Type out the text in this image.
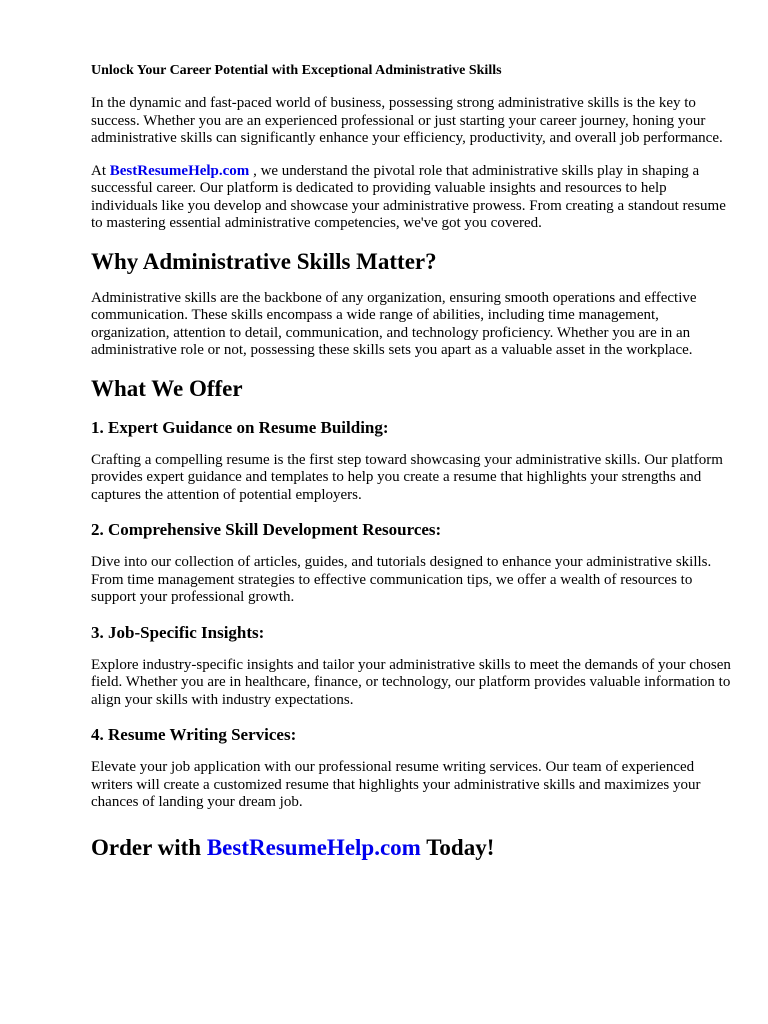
Unlock Your Career Potential with Exceptional Administrative Skills

In the dynamic and fast-paced world of business, possessing strong administrative skills is the key to success. Whether you are an experienced professional or just starting your career journey, honing your administrative skills can significantly enhance your efficiency, productivity, and overall job performance.

At BestResumeHelp.com , we understand the pivotal role that administrative skills play in shaping a successful career. Our platform is dedicated to providing valuable insights and resources to help individuals like you develop and showcase your administrative prowess. From creating a standout resume to mastering essential administrative competencies, we've got you covered.

Why Administrative Skills Matter?

Administrative skills are the backbone of any organization, ensuring smooth operations and effective communication. These skills encompass a wide range of abilities, including time management, organization, attention to detail, communication, and technology proficiency. Whether you are in an administrative role or not, possessing these skills sets you apart as a valuable asset in the workplace.

What We Offer
1. Expert Guidance on Resume Building:

Crafting a compelling resume is the first step toward showcasing your administrative skills. Our platform provides expert guidance and templates to help you create a resume that highlights your strengths and captures the attention of potential employers.

2. Comprehensive Skill Development Resources:

Dive into our collection of articles, guides, and tutorials designed to enhance your administrative skills. From time management strategies to effective communication tips, we offer a wealth of resources to support your professional growth.

3. Job-Specific Insights:

Explore industry-specific insights and tailor your administrative skills to meet the demands of your chosen field. Whether you are in healthcare, finance, or technology, our platform provides valuable information to align your skills with industry expectations.

4. Resume Writing Services:

Elevate your job application with our professional resume writing services. Our team of experienced writers will create a customized resume that highlights your administrative skills and maximizes your chances of landing your dream job.

Order with BestResumeHelp.com Today!
